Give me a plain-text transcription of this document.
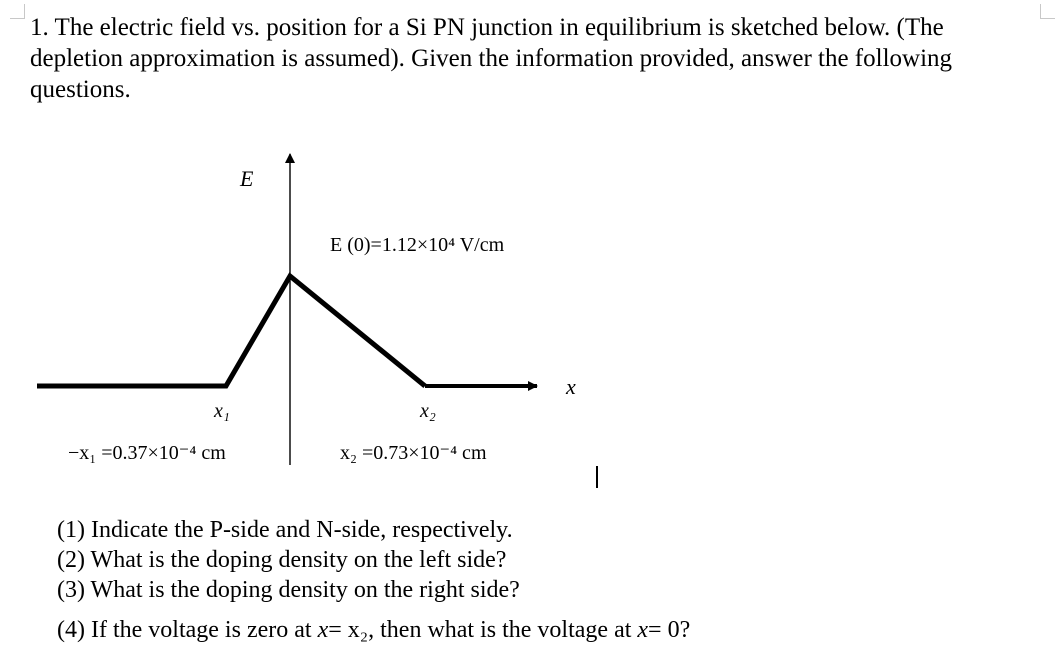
1. The electric field vs. position for a Si PN junction in equilibrium is sketched below. (The

depletion approximation is assumed). Given the information provided, answer the following

questions.

E
x
E (0)=1.12×10⁴ V/cm
x₁	x₂
−x₁ =0.37×10⁻⁴ cm	x₂ =0.73×10⁻⁴ cm

(1) Indicate the P-side and N-side, respectively.

(2) What is the doping density on the left side?

(3) What is the doping density on the right side?

(4) If the voltage is zero at x= x₂, then what is the voltage at x= 0?
